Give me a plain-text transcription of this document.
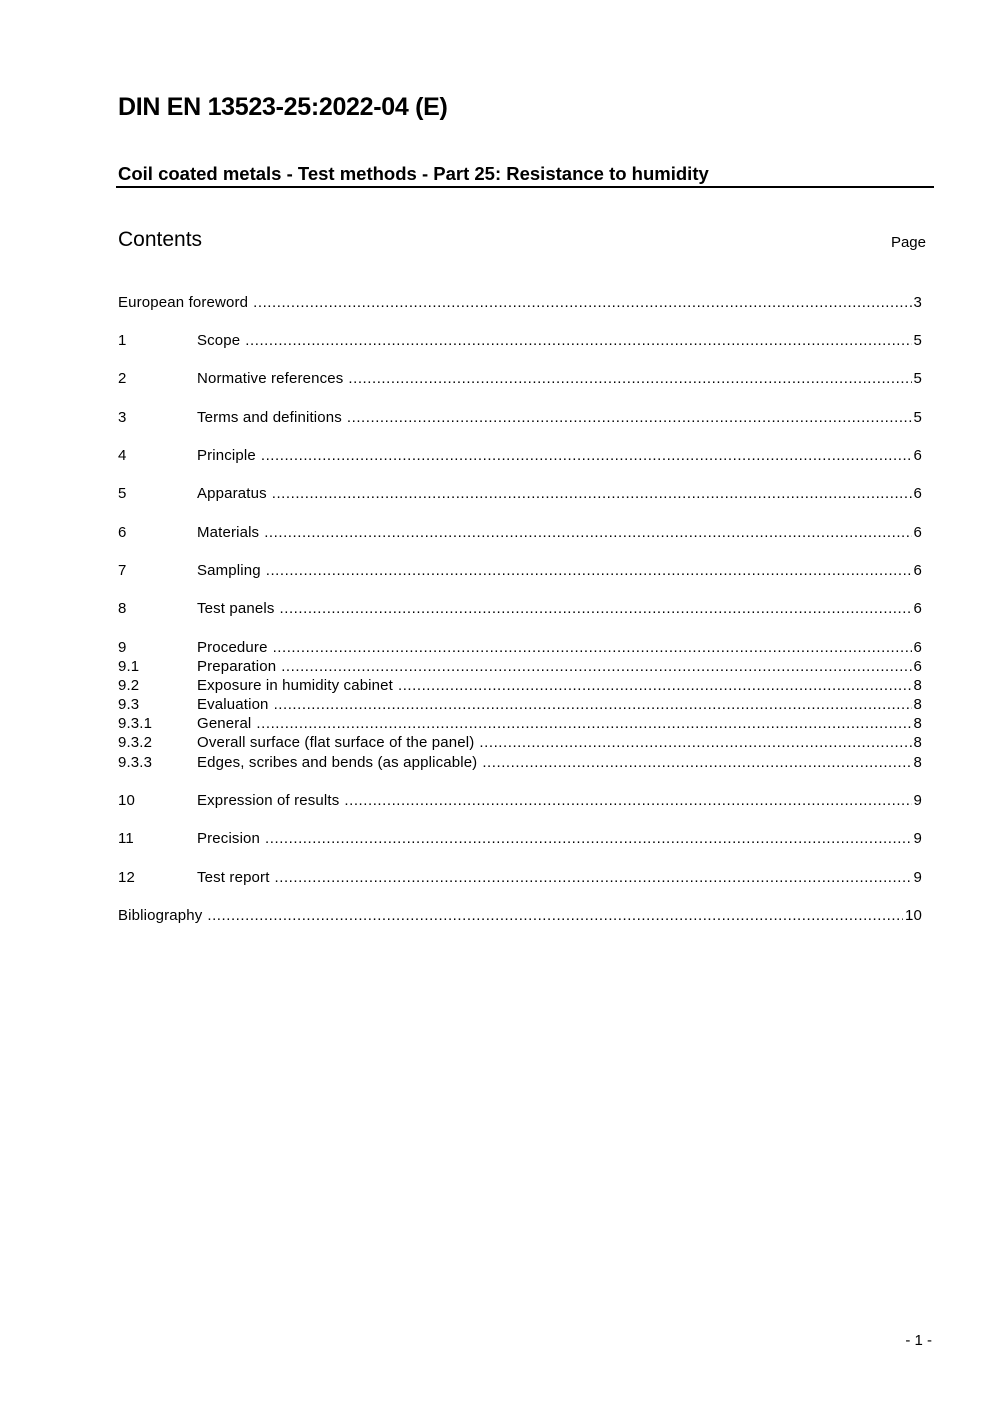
DIN EN 13523-25:2022-04 (E)
Coil coated metals - Test methods - Part 25: Resistance to humidity
Contents	Page
European foreword .....	3
1	Scope .....	5
2	Normative references .....	5
3	Terms and definitions .....	5
4	Principle .....	6
5	Apparatus .....	6
6	Materials .....	6
7	Sampling .....	6
8	Test panels .....	6
9	Procedure .....	6
9.1	Preparation .....	6
9.2	Exposure in humidity cabinet .....	8
9.3	Evaluation .....	8
9.3.1	General .....	8
9.3.2	Overall surface (flat surface of the panel) .....	8
9.3.3	Edges, scribes and bends (as applicable) .....	8
10	Expression of results .....	9
11	Precision .....	9
12	Test report .....	9
Bibliography .....	10
- 1 -
